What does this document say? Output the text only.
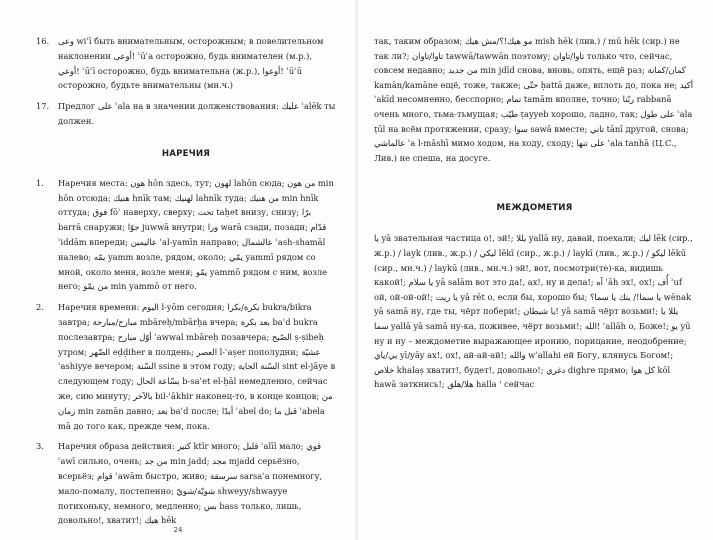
16. وعى wiʿī быть внимательным, осторожным; в повелительном наклонении أوعى!‎ ʾūʿa осторожно, будь внимателен (м.р.), أوعي!‎ ʾūʿī осторожно, будь внимательна (ж.р.), أوعوا!‎ ʾūʿū осторожно, будьте внимательны (мн.ч.)
17. Предлог على ʿala на в значении долженствования: عليك ʿalēk ты должен.
НАРЕЧИЯ
1. Наречия места: هون hōn здесь, тут; لهون lahōn сюда; من هون min hōn отсюда; هنيك hnīk там; لهنيك lahnīk туда; من هنيك min hnīk оттуда; فوق fōʾ наверху, сверху; تحت taḥet внизу, снизу; برّا barrā снаружи; جوّا juwwā внутри; ورا warā сзади, позади; قدّام ʾiddām впереди; عاليمين ʿal-yamīn направо; عالشمال ʿash-shamāl налево; يمّه yamm возле, рядом, около; يمّي yammī рядом со мной, около меня, возле меня; يمّو yammō рядом с ним, возле него; من يمّو min yammō от него.
2. Наречия времени: اليوم l-yōm сегодня; بكرة/بكرا bukra/bikra завтра; مبارح/مبارحة mbāreḥ/mbārḥa вчера; بعد بكرة baʿd bukra послезавтра; أوّل مبارح ʾawwal mbāreḥ позавчера; الصّبح ṣ-ṣibeḥ утром; الضّهر eḍḍiher в полдень; العصر l-ʿaṣer пополудни; عشيّة ʾashiyye вечером; السّنة ssine в этом году; السّنة الجاية sint el-jāye в следующем году; بسّاعة الحال b-saʿet el-ḥāl немедленно, сейчас же, сию минуту; بالآخر bil-ʾākhir наконец-то, в конце концов; من زمان min zamān давно; بعد baʿd после; أبدًا ʾabel do; قبل ما ʾabela mā до того как, прежде чем, пока.
3. Наречия образа действия: كتير ktīr много; قليل ʾalīl мало; قوي ʾawī сильно, очень; من جد min jadd; مجد mjadd серьёзно, всерьёз; قوام ʾawām быстро, живо; سرسقة sarsaʾa понемногу, мало-помалу, постепенно; شويّة/شويّ shweyy/shwayye потихоньку, немного, медленно; بس bass только, лишь, довольно!, хватит!; هيك hēk
24
так, таким образом; مو هيك!؟/مش هيك mish hēk (лив.) / mū hēk (сир.) не так ли?; تاوا/تاوان tawwā/tawwān поэтому; تاوا/تاوان только что, сейчас, совсем недавно; من جديد min jdīd снова, вновь, опять, ещё раз; كمان/كمانة kamān/kamāne ещё, тоже, также; حتّى ḥattā даже, вплоть до, пока не; أكيد ʾakīd несомненно, бесспорно; تمام tamām вполне, точно; ربّنا rabbanā очень много, тьма-тьмущая; طيّب ṭayyeb хорошо, ладно, так; على طول ʿala ṭūl на всём протяжении, сразу; سوا sawā вместе; تاني tānī другой, снова; عالماشي ʿa l-māshī мимо ходом, на ходу, сходу; على تنها ʿala tanhā (Ц.С., Лив.) не спеша, на досуге.
МЕЖДОМЕТИЯ
يا yā звательная частица о!, эй!; يللا yallā ну, давай, поехали; ليك lēk (сир., ж.р.) / layk (лив., ж.р.) / ليكي lēkī (сир., ж.р.) / laykī (лив., ж.р.) / ليكو lēkū (сир., мн.ч.) / laykū (лив., мн.ч.) эй!, вот, посмотри(те)-ка, видишь какой!; يا سلام yā salām вот это да!, ах!, ну и дела!; آه ʾāh эх!, ох!; أُف ʾuf ой, ой-ой-ой!; يا ريت yā rēt о, если бы, хорошо бы; يا سما!/ ينك يا سما؟ wēnak yā samā ну, где ты, чёрт побери!; يا شيطان! yā samā чёрт возьми!; يللا يا سما yallā yā samā ну-ка, поживее, чёрт возьми!; الله! ʾallāh о, Боже!; يو yū ну и ну – междометие выражающее иронию, порицание, неодобрение; يي/ياي yī/yāy ах!, ох!, ай-ай-ай!; والله wʾallahi ей Богу, клянусь Богом!; خلاص khalaṣ хватит!, будет!, довольно!; دغري dighre прямо; كل هوا kōl hawā заткнись!; هلا/هلق halla ' сейчас
